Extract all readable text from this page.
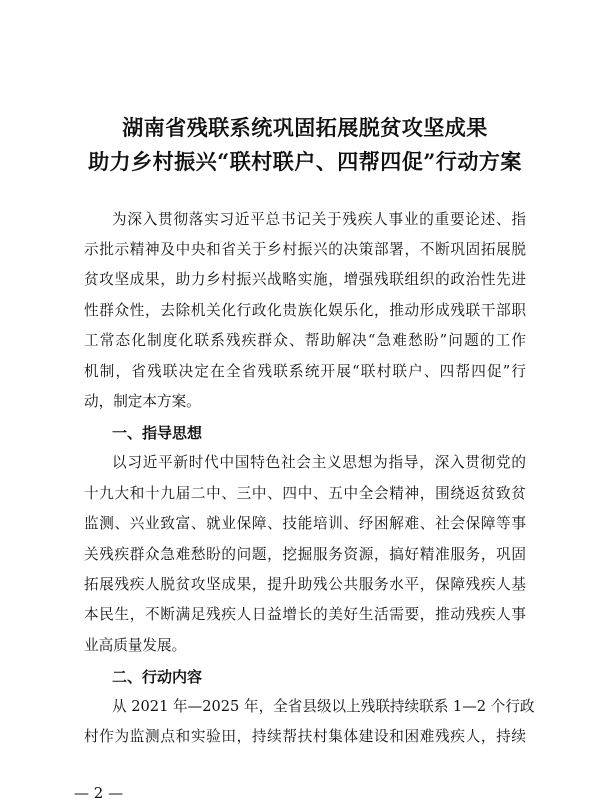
湖南省残联系统巩固拓展脱贫攻坚成果
助力乡村振兴“联村联户、四帮四促”行动方案
为深入贯彻落实习近平总书记关于残疾人事业的重要论述、指
示批示精神及中央和省关于乡村振兴的决策部署，不断巩固拓展脱
贫攻坚成果，助力乡村振兴战略实施，增强残联组织的政治性先进
性群众性，去除机关化行政化贵族化娱乐化，推动形成残联干部职
工常态化制度化联系残疾群众、帮助解决“急难愁盼”问题的工作
机制，省残联决定在全省残联系统开展“联村联户、四帮四促”行
动，制定本方案。
一、指导思想
以习近平新时代中国特色社会主义思想为指导，深入贯彻党的
十九大和十九届二中、三中、四中、五中全会精神，围绕返贫致贫
监测、兴业致富、就业保障、技能培训、纾困解难、社会保障等事
关残疾群众急难愁盼的问题，挖掘服务资源，搞好精准服务，巩固
拓展残疾人脱贫攻坚成果，提升助残公共服务水平，保障残疾人基
本民生，不断满足残疾人日益增长的美好生活需要，推动残疾人事
业高质量发展。
二、行动内容
从 2021 年—2025 年，全省县级以上残联持续联系 1—2 个行政
村作为监测点和实验田，持续帮扶村集体建设和困难残疾人，持续
— 2 —
